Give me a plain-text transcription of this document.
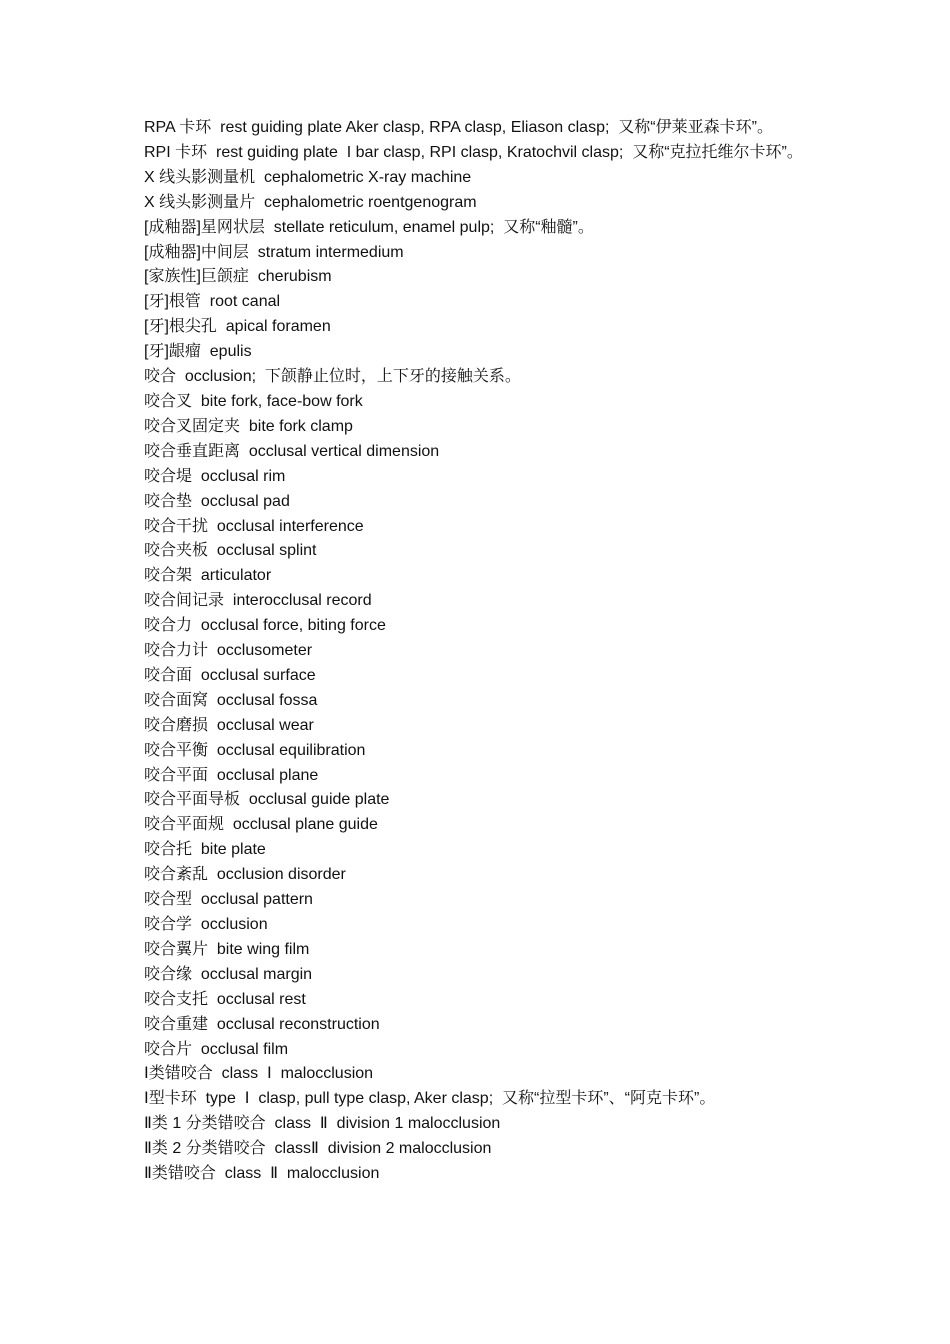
RPA 卡环  rest guiding plate Aker clasp, RPA clasp, Eliason clasp;  又称“伊莱亚森卡环”。
RPI 卡环  rest guiding plate  I bar clasp, RPI clasp, Kratochvil clasp;  又称“克拉托维尔卡环”。
X 线头影测量机  cephalometric X-ray machine
X 线头影测量片  cephalometric roentgenogram
[成釉器]星网状层  stellate reticulum, enamel pulp;  又称“釉髓”。
[成釉器]中间层  stratum intermedium
[家族性]巨颌症  cherubism
[牙]根管  root canal
[牙]根尖孔  apical foramen
[牙]龈瘤  epulis
咬合  occlusion;  下颌静止位时，上下牙的接触关系。
咬合叉  bite fork, face-bow fork
咬合叉固定夹  bite fork clamp
咬合垂直距离  occlusal vertical dimension
咬合堤  occlusal rim
咬合垫  occlusal pad
咬合干扰  occlusal interference
咬合夹板  occlusal splint
咬合架  articulator
咬合间记录  interocclusal record
咬合力  occlusal force, biting force
咬合力计  occlusometer
咬合面  occlusal surface
咬合面窝  occlusal fossa
咬合磨损  occlusal wear
咬合平衡  occlusal equilibration
咬合平面  occlusal plane
咬合平面导板  occlusal guide plate
咬合平面规  occlusal plane guide
咬合托  bite plate
咬合紊乱  occlusion disorder
咬合型  occlusal pattern
咬合学  occlusion
咬合翼片  bite wing film
咬合缘  occlusal margin
咬合支托  occlusal rest
咬合重建  occlusal reconstruction
咬合片  occlusal film
Ⅰ类错咬合  class  Ⅰ  malocclusion
Ⅰ型卡环  type  Ⅰ  clasp, pull type clasp, Aker clasp;  又称“拉型卡环”、“阿克卡环”。
Ⅱ类 1 分类错咬合  class  Ⅱ  division 1 malocclusion
Ⅱ类 2 分类错咬合  classⅡ  division 2 malocclusion
Ⅱ类错咬合  class  Ⅱ  malocclusion
